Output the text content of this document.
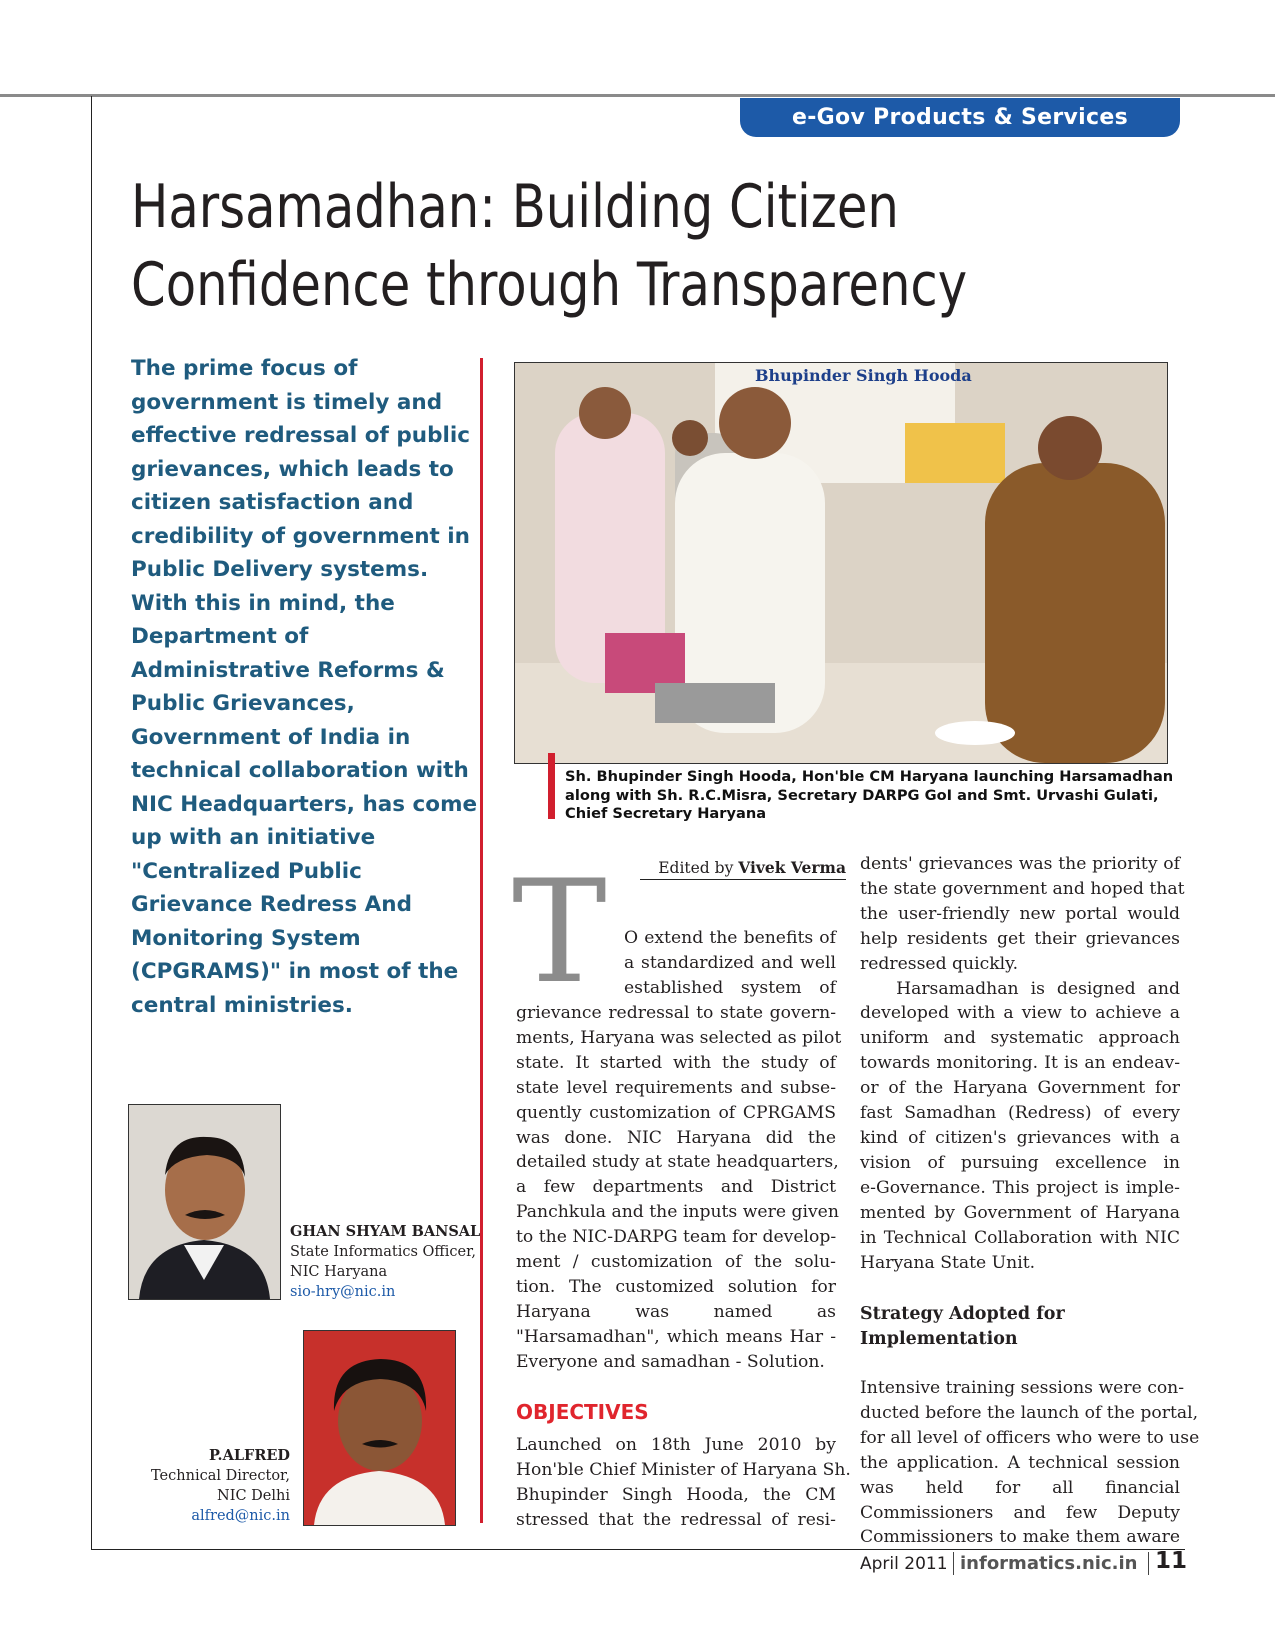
e-Gov Products & Services
Harsamadhan: Building Citizen
Confidence through Transparency
The prime focus of
government is timely and
effective redressal of public
grievances, which leads to
citizen satisfaction and
credibility of government in
Public Delivery systems.
With this in mind, the
Department of
Administrative Reforms &
Public Grievances,
Government of India in
technical collaboration with
NIC Headquarters, has come
up with an initiative
"Centralized Public
Grievance Redress And
Monitoring System
(CPGRAMS)" in most of the
central ministries.
Bhupinder Singh Hooda
Sh. Bhupinder Singh Hooda, Hon'ble CM Haryana launching Harsamadhan
along with Sh. R.C.Misra, Secretary DARPG GoI and Smt. Urvashi Gulati,
Chief Secretary Haryana
Edited by Vivek Verma
T O extend the benefits of
a standardized and well
established system of
grievance redressal to state govern-
ments, Haryana was selected as pilot
state. It started with the study of
state level requirements and subse-
quently customization of CPRGAMS
was done. NIC Haryana did the
detailed study at state headquarters,
a few departments and District
Panchkula and the inputs were given
to the NIC-DARPG team for develop-
ment / customization of the solu-
tion. The customized solution for
Haryana was named as
"Harsamadhan", which means Har -
Everyone and samadhan - Solution.
OBJECTIVES
Launched on 18th June 2010 by
Hon'ble Chief Minister of Haryana Sh.
Bhupinder Singh Hooda, the CM
stressed that the redressal of resi-
dents' grievances was the priority of
the state government and hoped that
the user-friendly new portal would
help residents get their grievances
redressed quickly.
Harsamadhan is designed and
developed with a view to achieve a
uniform and systematic approach
towards monitoring. It is an endeav-
or of the Haryana Government for
fast Samadhan (Redress) of every
kind of citizen's grievances with a
vision of pursuing excellence in
e-Governance. This project is imple-
mented by Government of Haryana
in Technical Collaboration with NIC
Haryana State Unit.
Strategy Adopted for
Implementation
Intensive training sessions were con-
ducted before the launch of the portal,
for all level of officers who were to use
the application. A technical session
was held for all financial
Commissioners and few Deputy
Commissioners to make them aware
GHAN SHYAM BANSAL
State Informatics Officer,
NIC Haryana
sio-hry@nic.in
P.ALFRED
Technical Director,
NIC Delhi
alfred@nic.in
April 2011 informatics.nic.in 11
